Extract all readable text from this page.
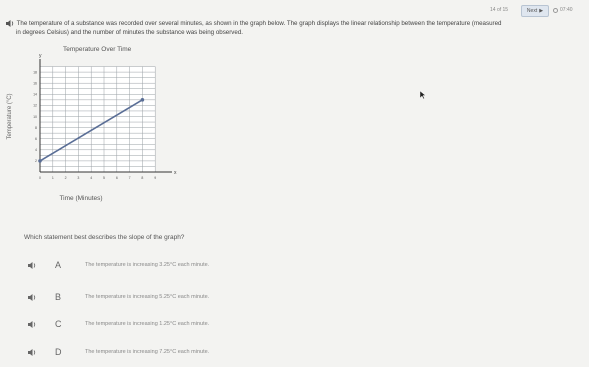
14 of 15	Next ▶	07:40
The temperature of a substance was recorded over several minutes, as shown in the graph below. The graph displays the linear relationship between the temperature (measured
in degrees Celsius) and the number of minutes the substance was being observed.
Temperature Over Time
x
y
0	1	2	3	4	5	6	7	8	9
2
4
6
8
10
12
14
16
18
Time (Minutes)
Temperature (°C)
Which statement best describes the slope of the graph?
A	The temperature is increasing 3.25°C each minute.
B	The temperature is increasing 5.25°C each minute.
C	The temperature is increasing 1.25°C each minute.
D	The temperature is increasing 7.25°C each minute.
